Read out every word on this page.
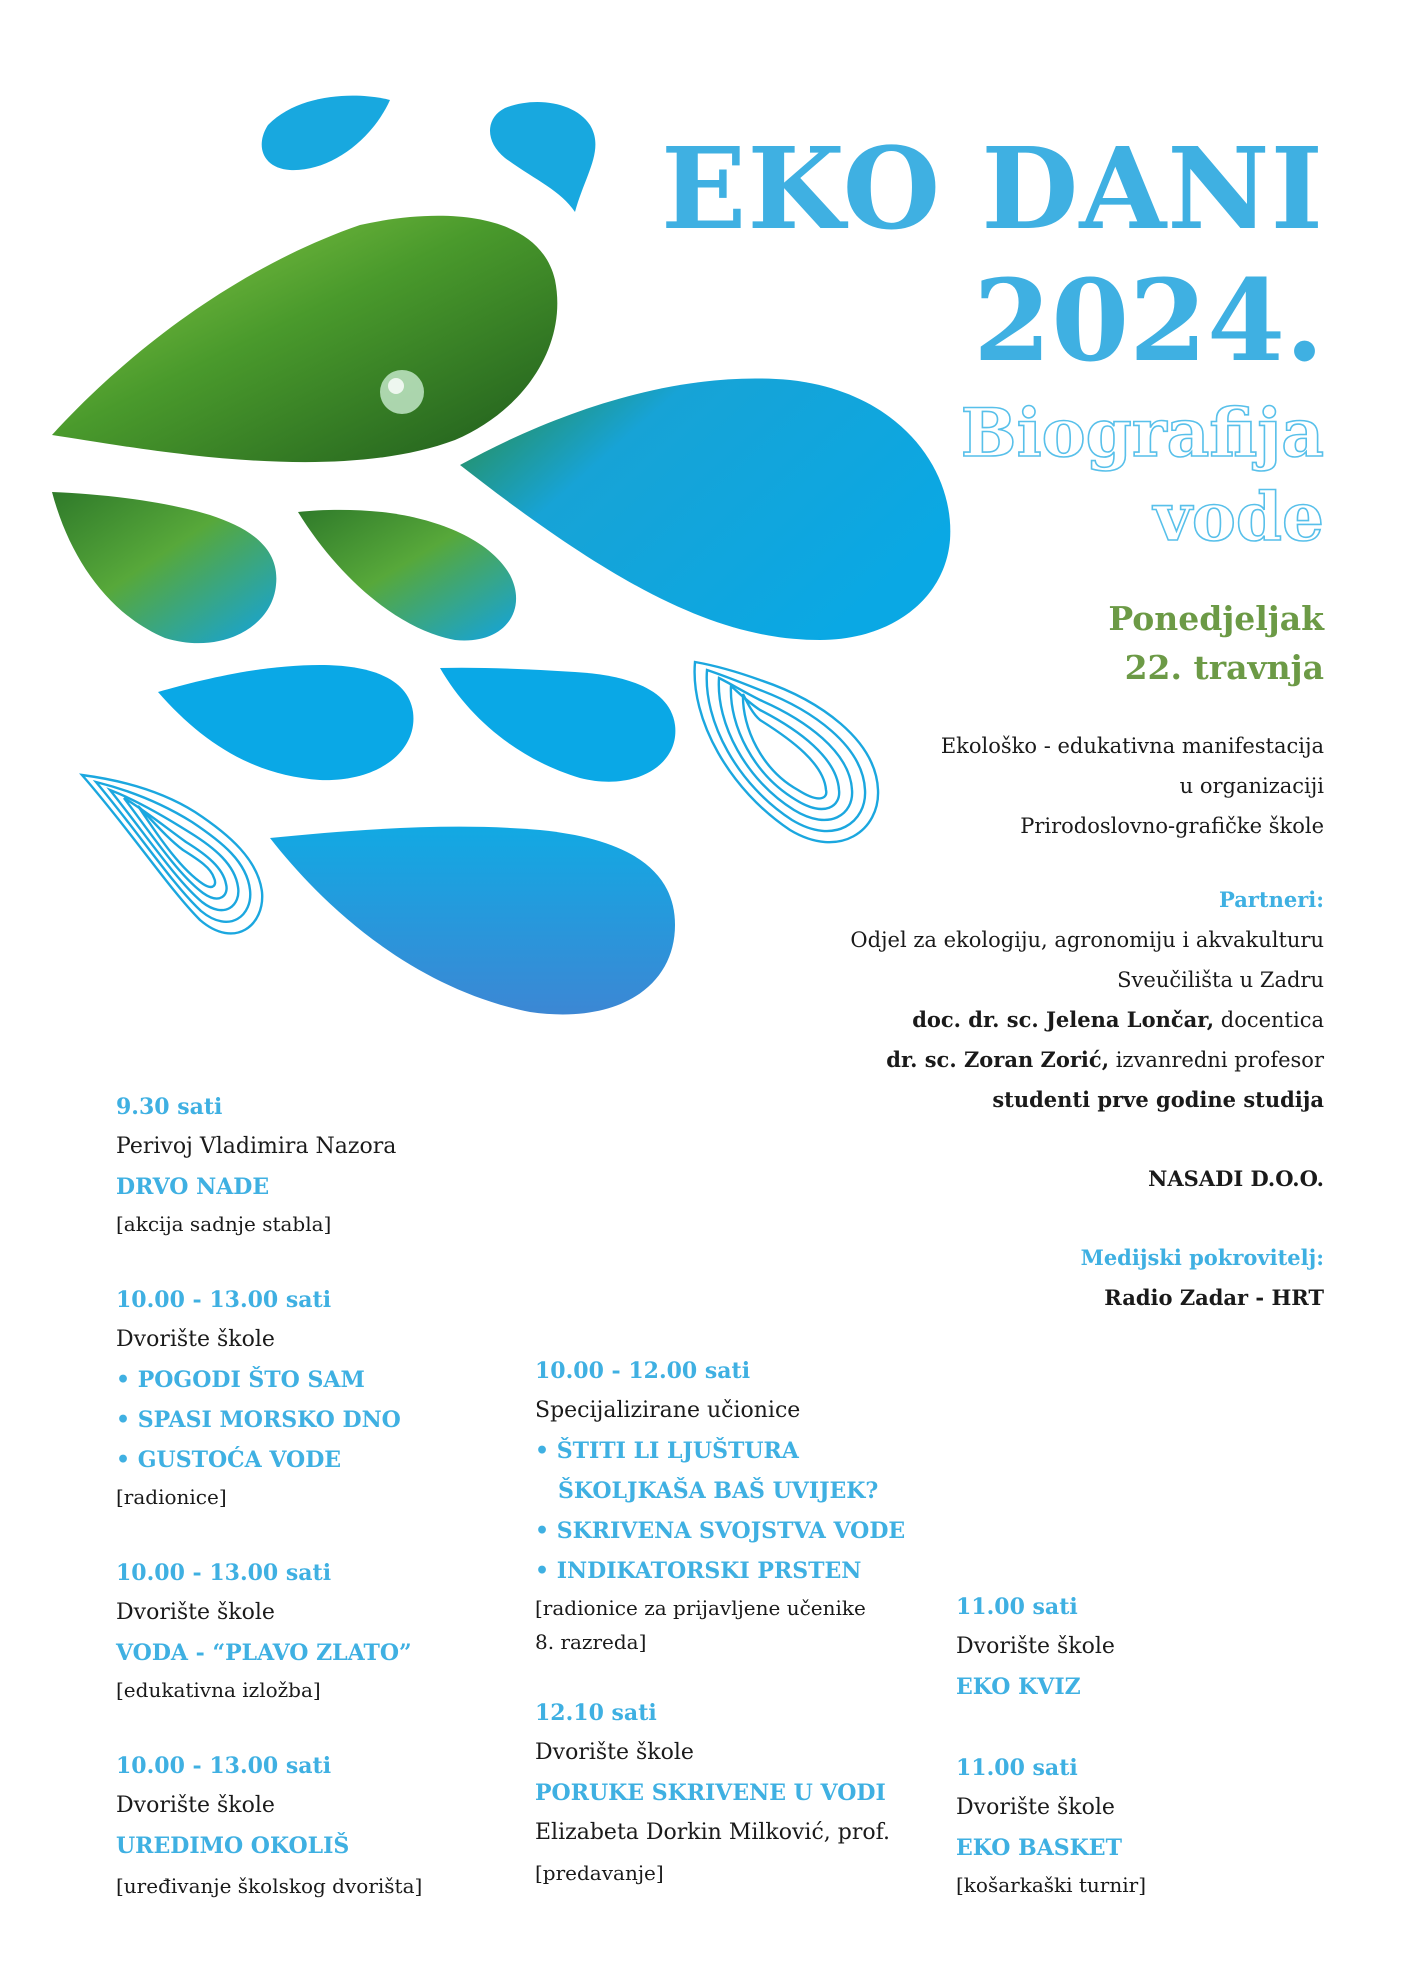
EKO DANI
2024.
Biografija
vode
Ponedjeljak
22. travnja
Ekološko - edukativna manifestacija
u organizaciji
Prirodoslovno-grafičke škole
Partneri:
Odjel za ekologiju, agronomiju i akvakulturu
Sveučilišta u Zadru
doc. dr. sc. Jelena Lončar, docentica
dr. sc. Zoran Zorić, izvanredni profesor
studenti prve godine studija
NASADI D.O.O.
Medijski pokrovitelj:
Radio Zadar - HRT
9.30 sati
Perivoj Vladimira Nazora
DRVO NADE
[akcija sadnje stabla]
10.00 - 13.00 sati
Dvorište škole
• POGODI ŠTO SAM
• SPASI MORSKO DNO
• GUSTOĆA VODE
[radionice]
10.00 - 13.00 sati
Dvorište škole
VODA - “PLAVO ZLATO”
[edukativna izložba]
10.00 - 13.00 sati
Dvorište škole
UREDIMO OKOLIŠ
[uređivanje školskog dvorišta]
10.00 - 12.00 sati
Specijalizirane učionice
• ŠTITI LI LJUŠTURA
ŠKOLJKAŠA BAŠ UVIJEK?
• SKRIVENA SVOJSTVA VODE
• INDIKATORSKI PRSTEN
[radionice za prijavljene učenike
8. razreda]
12.10 sati
Dvorište škole
PORUKE SKRIVENE U VODI
Elizabeta Dorkin Milković, prof.
[predavanje]
11.00 sati
Dvorište škole
EKO KVIZ
11.00 sati
Dvorište škole
EKO BASKET
[košarkaški turnir]
